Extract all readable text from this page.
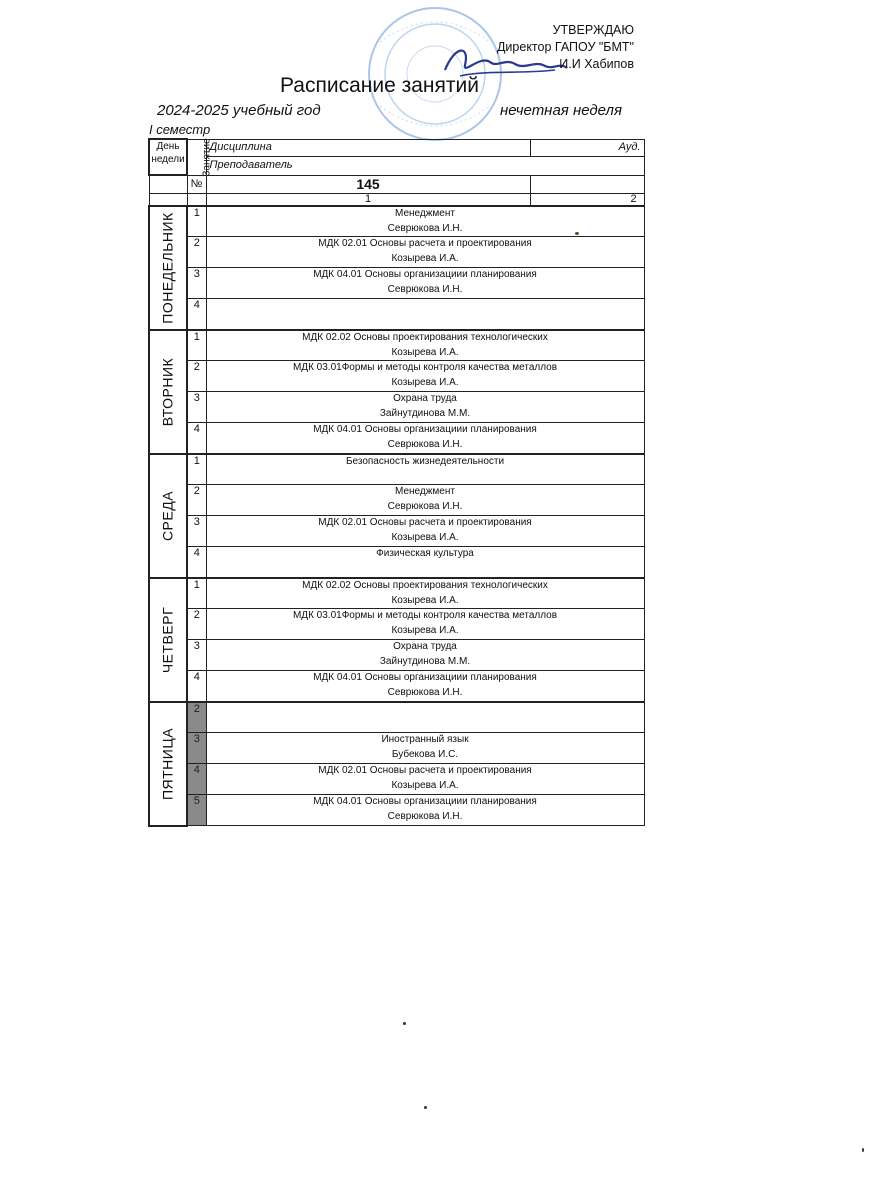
УТВЕРЖДАЮ
Директор ГАПОУ "БМТ"
И.И Хабипов
Расписание занятий
2024-2025 учебный год	нечетная неделя
I семестр
День недели	Занятие	Дисциплина	Ауд.
		Преподаватель	
	№	145	
		1	2

ПОНЕДЕЛЬНИК	1	Менеджмент
Севрюкова И.Н.	

	2	МДК 02.01 Основы расчета и проектирования
Козырева И.А.	

	3	МДК 04.01 Основы организациии планирования
Севрюкова И.Н.	

	4		

ВТОРНИК	1	МДК 02.02 Основы проектирования технологических
Козырева И.А.	

	2	МДК 03.01Формы и методы контроля качества металлов
Козырева И.А.	

	3	Охрана труда
Зайнутдинова М.М.	

	4	МДК 04.01 Основы организациии планирования
Севрюкова И.Н.	

СРЕДА	1	Безопасность жизнедеятельности	

	2	Менеджмент
Севрюкова И.Н.	

	3	МДК 02.01 Основы расчета и проектирования
Козырева И.А.	

	4	Физическая культура	

ЧЕТВЕРГ	1	МДК 02.02 Основы проектирования технологических
Козырева И.А.	

	2	МДК 03.01Формы и методы контроля качества металлов
Козырева И.А.	

	3	Охрана труда
Зайнутдинова М.М.	

	4	МДК 04.01 Основы организациии планирования
Севрюкова И.Н.	

ПЯТНИЦА	2		

	3	Иностранный язык
Бубекова И.С.	

	4	МДК 02.01 Основы расчета и проектирования
Козырева И.А.	

	5	МДК 04.01 Основы организациии планирования
Севрюкова И.Н.	
